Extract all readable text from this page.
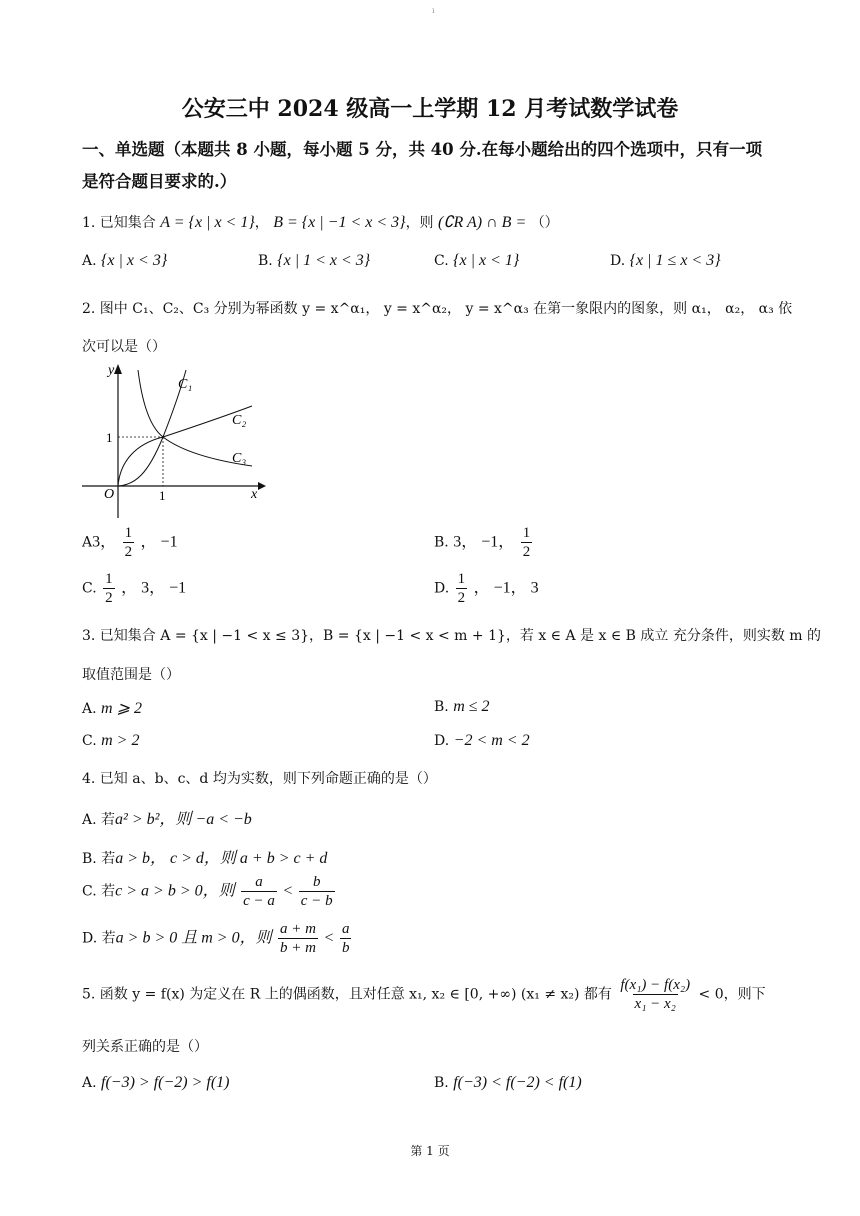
ı
公安三中 2024 级高一上学期 12 月考试数学试卷
一、单选题（本题共 8 小题，每小题 5 分，共 40 分.在每小题给出的四个选项中，只有一项
是符合题目要求的.）
1. 已知集合 A = {x | x < 1}， B = {x | −1 < x < 3}，则 (∁R A) ∩ B = （）
A. {x | x < 3}	B. {x | 1 < x < 3}	C. {x | x < 1}	D. {x | 1 ≤ x < 3}
2. 图中 C₁、C₂、C₃ 分别为幂函数 y = x^α₁， y = x^α₂， y = x^α₃ 在第一象限内的图象，则 α₁， α₂， α₃ 依
次可以是（）
y
x
O	1
1
C₁
C₂
C₃
A3， $\frac{1}{2}$ ， −1	B. 3， −1， $\frac{1}{2}$
C. $\frac{1}{2}$ ， 3， −1	D. $\frac{1}{2}$ ， −1， 3
3. 已知集合 A = {x | −1 < x ≤ 3}，B = {x | −1 < x < m + 1}，若 x ∈ A 是 x ∈ B 成立 充分条件，则实数 m 的
取值范围是（）
A. m ⩾ 2	B. m ≤ 2
C. m > 2	D. −2 < m < 2
4. 已知 a、b、c、d 均为实数，则下列命题正确的是（）
A. 若a² > b²，则 −a < −b
B. 若a > b， c > d，则 a + b > c + d
C. 若c > a > b > 0，则 $\frac{a}{c - a} < \frac{b}{c - b}$
D. 若a > b > 0 且 m > 0，则 $\frac{a + m}{b + m} < \frac{a}{b}$
5. 函数 y = f(x) 为定义在 R 上的偶函数，且对任意 x₁, x₂ ∈ [0, +∞) (x₁ ≠ x₂) 都有 $\frac{\text{f(x₁) − f(x₂)}}{\text{x₁ − x₂}} < 0$，则下
列关系正确的是（）
A. f(−3) > f(−2) > f(1)	B. f(−3) < f(−2) < f(1)
第 1 页
